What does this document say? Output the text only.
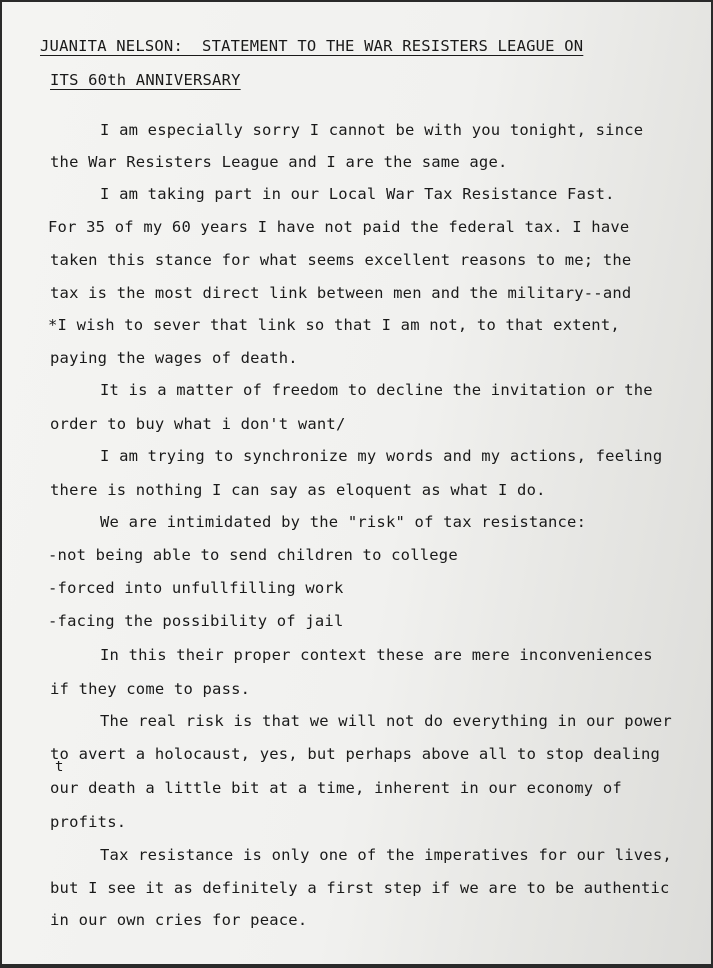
JUANITA NELSON:  STATEMENT TO THE WAR RESISTERS LEAGUE ON
ITS 60th ANNIVERSARY
I am especially sorry I cannot be with you tonight, since
the War Resisters League and I are the same age.
I am taking part in our Local War Tax Resistance Fast.
For 35 of my 60 years I have not paid the federal tax. I have
taken this stance for what seems excellent reasons to me; the
tax is the most direct link between men and the military--and
*I wish to sever that link so that I am not, to that extent,
paying the wages of death.
It is a matter of freedom to decline the invitation or the
order to buy what i don't want/
I am trying to synchronize my words and my actions, feeling
there is nothing I can say as eloquent as what I do.
We are intimidated by the "risk" of tax resistance:
-not being able to send children to college
-forced into unfullfilling work
-facing the possibility of jail
In this their proper context these are mere inconveniences
if they come to pass.
The real risk is that we will not do everything in our power
to avert a holocaust, yes, but perhaps above all to stop dealing
t
our death a little bit at a time, inherent in our economy of
profits.
Tax resistance is only one of the imperatives for our lives,
but I see it as definitely a first step if we are to be authentic
in our own cries for peace.
